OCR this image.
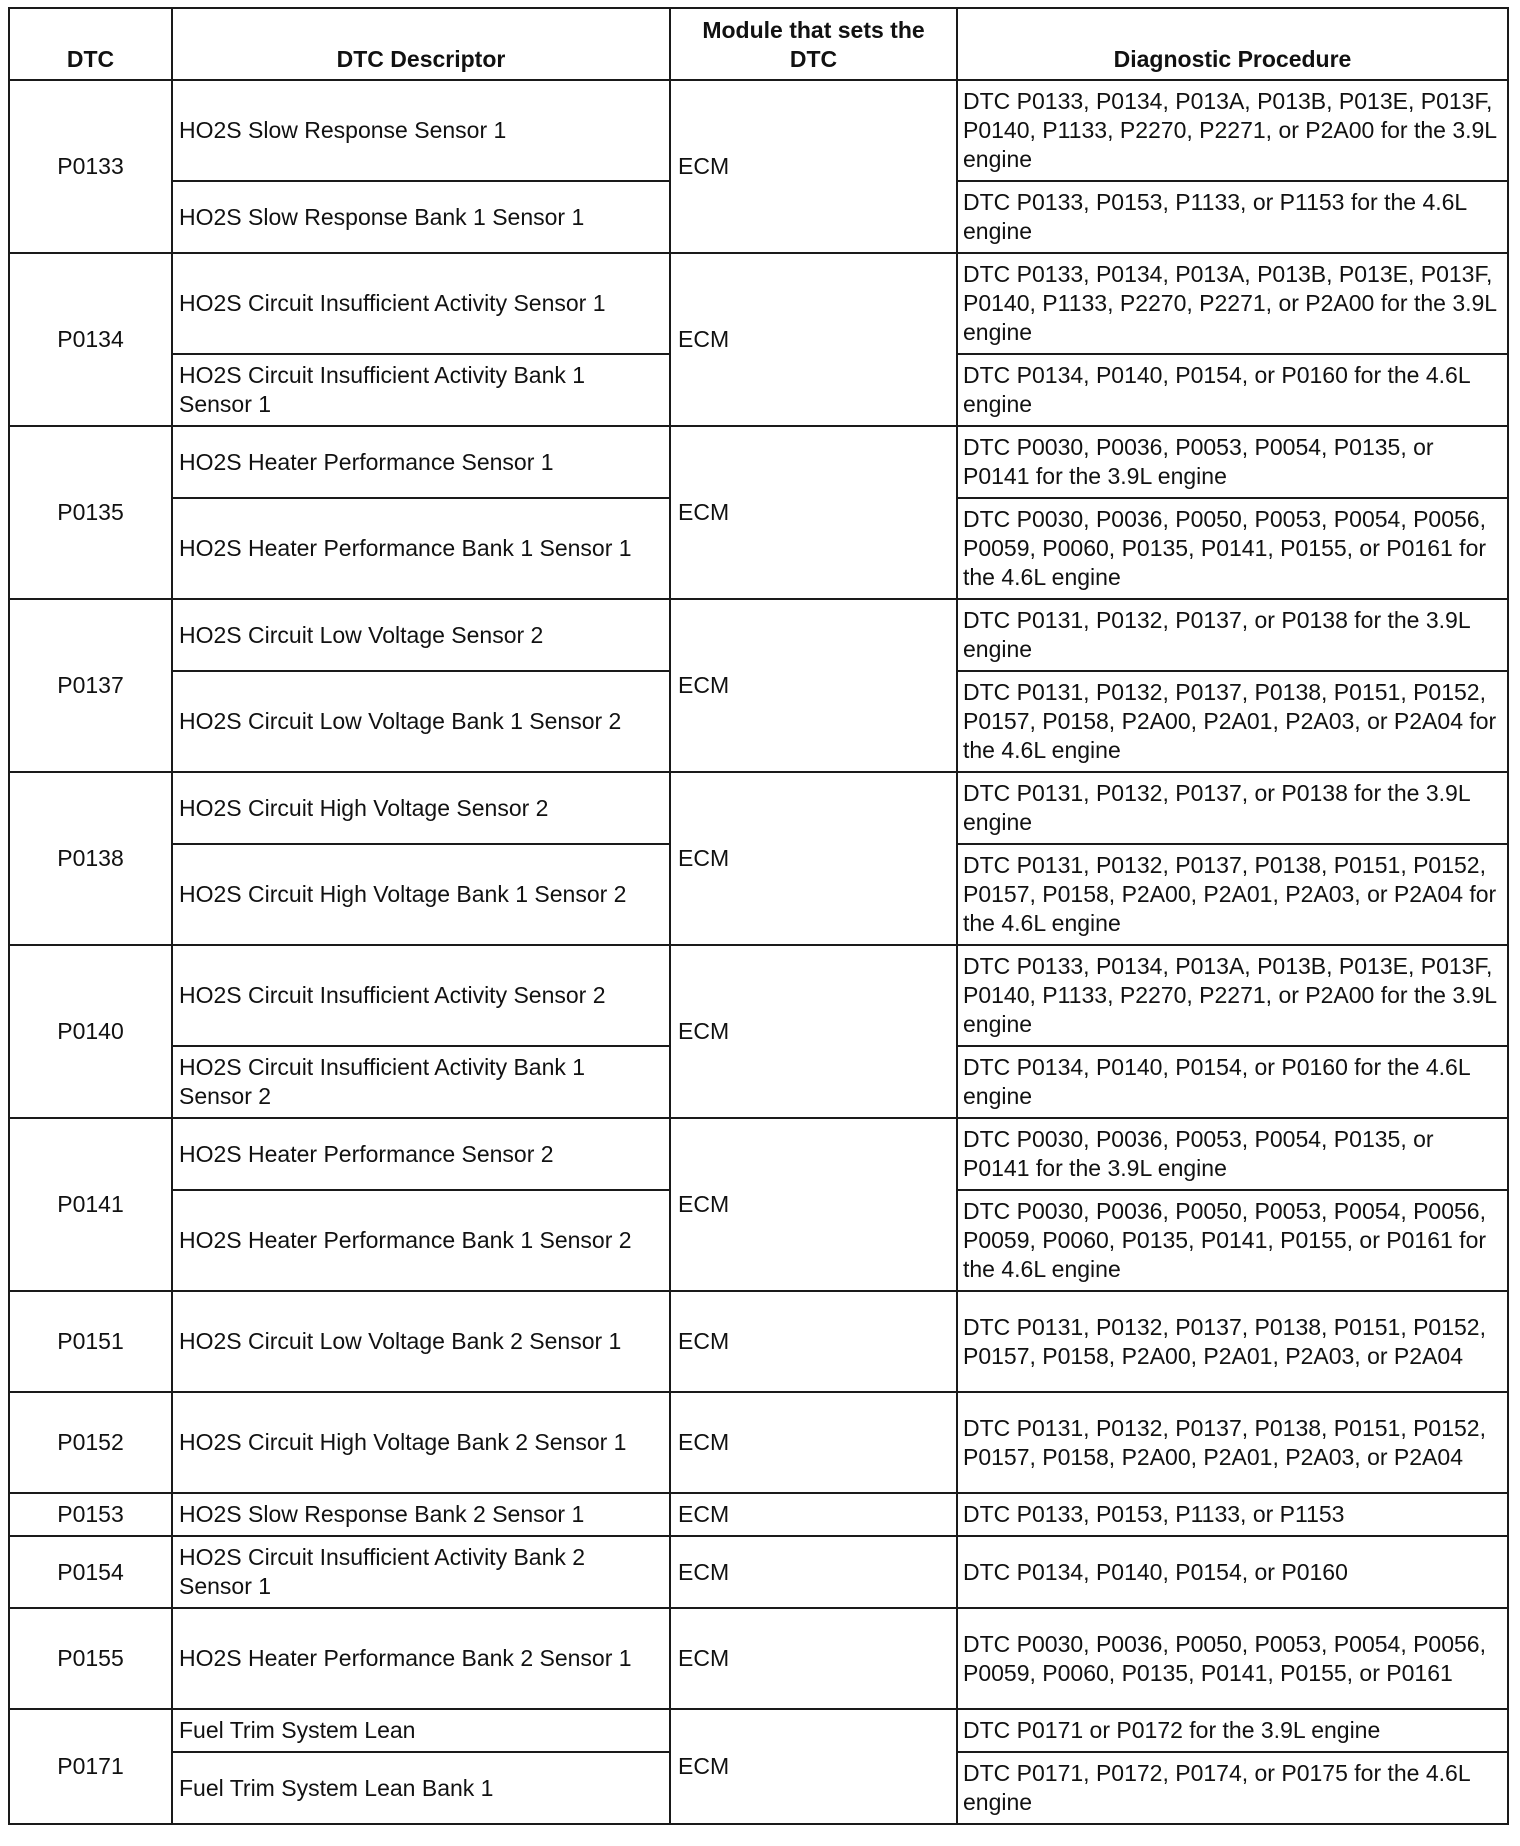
DTC	DTC Descriptor	Module that sets the DTC	Diagnostic Procedure
P0133	HO2S Slow Response Sensor 1	ECM	DTC P0133, P0134, P013A, P013B, P013E, P013F, P0140, P1133, P2270, P2271, or P2A00 for the 3.9L engine
	HO2S Slow Response Bank 1 Sensor 1		DTC P0133, P0153, P1133, or P1153 for the 4.6L engine
P0134	HO2S Circuit Insufficient Activity Sensor 1	ECM	DTC P0133, P0134, P013A, P013B, P013E, P013F, P0140, P1133, P2270, P2271, or P2A00 for the 3.9L engine
	HO2S Circuit Insufficient Activity Bank 1 Sensor 1		DTC P0134, P0140, P0154, or P0160 for the 4.6L engine
P0135	HO2S Heater Performance Sensor 1	ECM	DTC P0030, P0036, P0053, P0054, P0135, or P0141 for the 3.9L engine
	HO2S Heater Performance Bank 1 Sensor 1		DTC P0030, P0036, P0050, P0053, P0054, P0056, P0059, P0060, P0135, P0141, P0155, or P0161 for the 4.6L engine
P0137	HO2S Circuit Low Voltage Sensor 2	ECM	DTC P0131, P0132, P0137, or P0138 for the 3.9L engine
	HO2S Circuit Low Voltage Bank 1 Sensor 2		DTC P0131, P0132, P0137, P0138, P0151, P0152, P0157, P0158, P2A00, P2A01, P2A03, or P2A04 for the 4.6L engine
P0138	HO2S Circuit High Voltage Sensor 2	ECM	DTC P0131, P0132, P0137, or P0138 for the 3.9L engine
	HO2S Circuit High Voltage Bank 1 Sensor 2		DTC P0131, P0132, P0137, P0138, P0151, P0152, P0157, P0158, P2A00, P2A01, P2A03, or P2A04 for the 4.6L engine
P0140	HO2S Circuit Insufficient Activity Sensor 2	ECM	DTC P0133, P0134, P013A, P013B, P013E, P013F, P0140, P1133, P2270, P2271, or P2A00 for the 3.9L engine
	HO2S Circuit Insufficient Activity Bank 1 Sensor 2		DTC P0134, P0140, P0154, or P0160 for the 4.6L engine
P0141	HO2S Heater Performance Sensor 2	ECM	DTC P0030, P0036, P0053, P0054, P0135, or P0141 for the 3.9L engine
	HO2S Heater Performance Bank 1 Sensor 2		DTC P0030, P0036, P0050, P0053, P0054, P0056, P0059, P0060, P0135, P0141, P0155, or P0161 for the 4.6L engine
P0151	HO2S Circuit Low Voltage Bank 2 Sensor 1	ECM	DTC P0131, P0132, P0137, P0138, P0151, P0152, P0157, P0158, P2A00, P2A01, P2A03, or P2A04
P0152	HO2S Circuit High Voltage Bank 2 Sensor 1	ECM	DTC P0131, P0132, P0137, P0138, P0151, P0152, P0157, P0158, P2A00, P2A01, P2A03, or P2A04
P0153	HO2S Slow Response Bank 2 Sensor 1	ECM	DTC P0133, P0153, P1133, or P1153
P0154	HO2S Circuit Insufficient Activity Bank 2 Sensor 1	ECM	DTC P0134, P0140, P0154, or P0160
P0155	HO2S Heater Performance Bank 2 Sensor 1	ECM	DTC P0030, P0036, P0050, P0053, P0054, P0056, P0059, P0060, P0135, P0141, P0155, or P0161
P0171	Fuel Trim System Lean	ECM	DTC P0171 or P0172 for the 3.9L engine
	Fuel Trim System Lean Bank 1		DTC P0171, P0172, P0174, or P0175 for the 4.6L engine
